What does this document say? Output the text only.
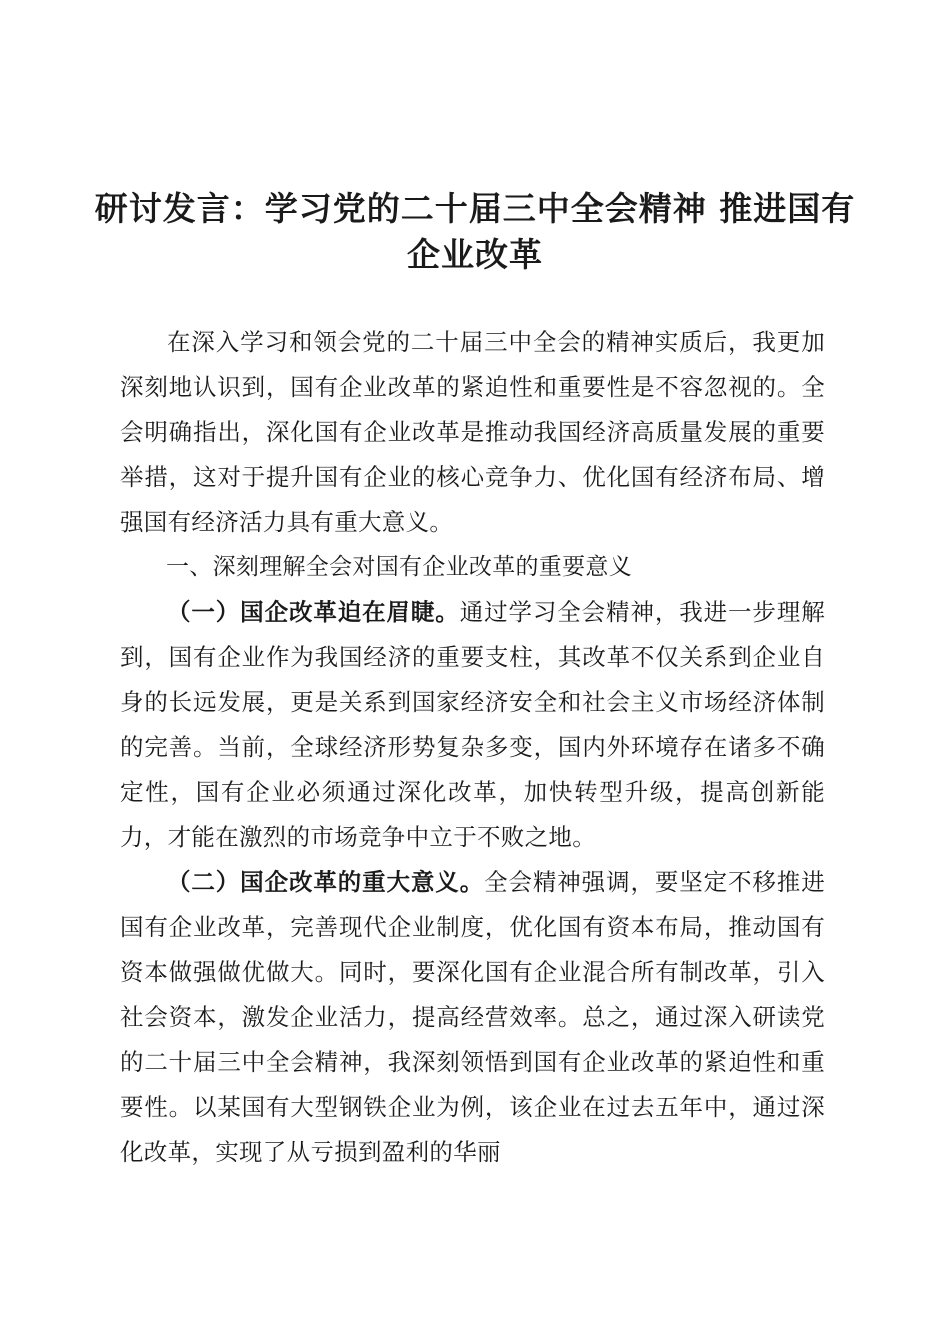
研讨发言：学习党的二十届三中全会精神 推进国有企业改革

在深入学习和领会党的二十届三中全会的精神实质后，我更加深刻地认识到，国有企业改革的紧迫性和重要性是不容忽视的。全会明确指出，深化国有企业改革是推动我国经济高质量发展的重要举措，这对于提升国有企业的核心竞争力、优化国有经济布局、增强国有经济活力具有重大意义。

一、深刻理解全会对国有企业改革的重要意义

（一）国企改革迫在眉睫。通过学习全会精神，我进一步理解到，国有企业作为我国经济的重要支柱，其改革不仅关系到企业自身的长远发展，更是关系到国家经济安全和社会主义市场经济体制的完善。当前，全球经济形势复杂多变，国内外环境存在诸多不确定性，国有企业必须通过深化改革，加快转型升级，提高创新能力，才能在激烈的市场竞争中立于不败之地。

（二）国企改革的重大意义。全会精神强调，要坚定不移推进国有企业改革，完善现代企业制度，优化国有资本布局，推动国有资本做强做优做大。同时，要深化国有企业混合所有制改革，引入社会资本，激发企业活力，提高经营效率。总之，通过深入研读党的二十届三中全会精神，我深刻领悟到国有企业改革的紧迫性和重要性。以某国有大型钢铁企业为例，该企业在过去五年中，通过深化改革，实现了从亏损到盈利的华丽
